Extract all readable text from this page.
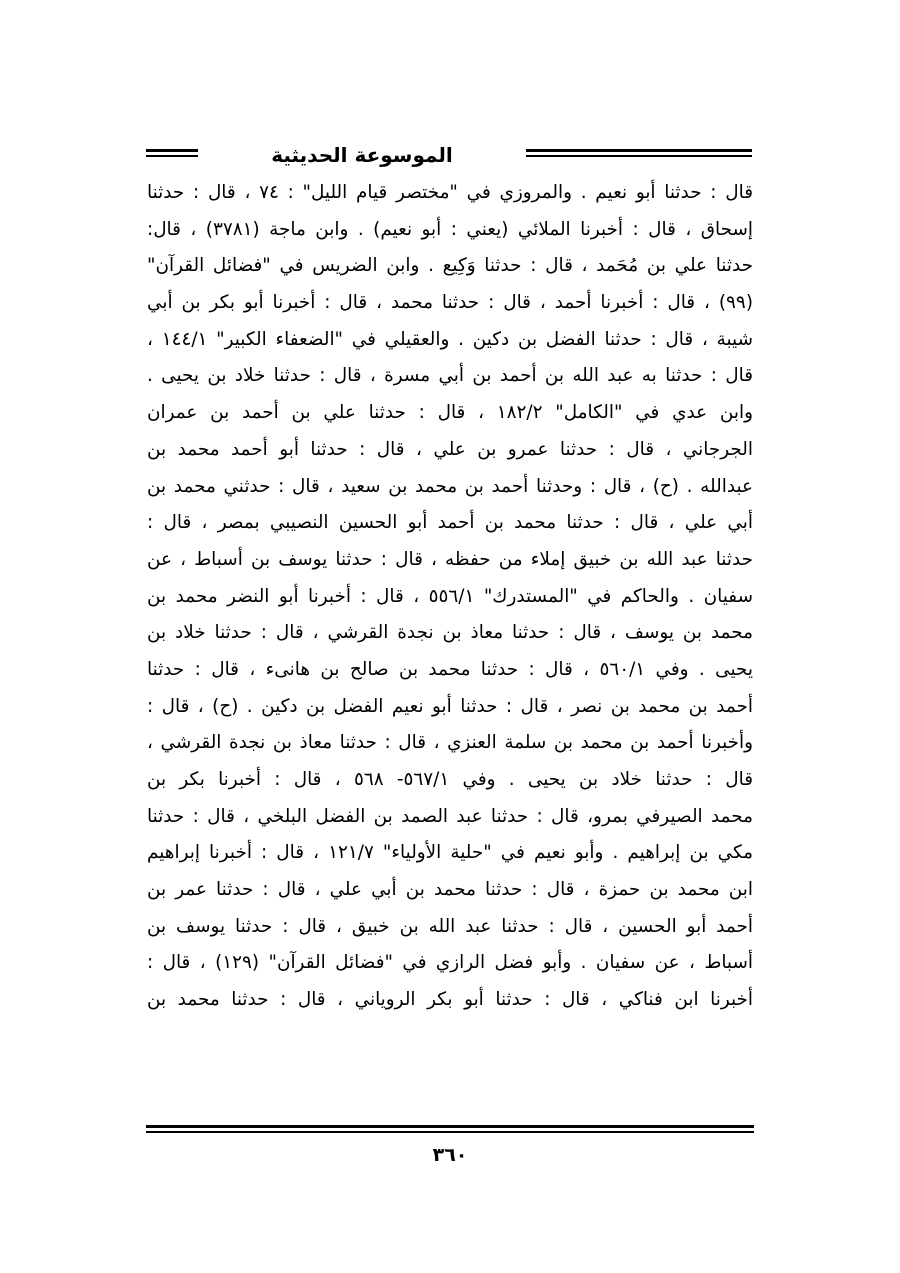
الموسوعة الحديثية
قال : حدثنا أبو نعيم . والمروزي في "مختصر قيام الليل" : ٧٤ ، قال : حدثنا
إسحاق ، قال : أخبرنا الملائي (يعني : أبو نعيم) . وابن ماجة (٣٧٨١) ، قال:
حدثنا علي بن مُحَمد ، قال : حدثنا وَكِيع . وابن الضريس في "فضائل القرآن"
(٩٩) ، قال : أخبرنا أحمد ، قال : حدثنا محمد ، قال : أخبرنا أبو بكر بن أبي
شيبة ، قال : حدثنا الفضل بن دكين . والعقيلي في "الضعفاء الكبير" ١٤٤/١ ،
قال : حدثنا به عبد الله بن أحمد بن أبي مسرة ، قال : حدثنا خلاد بن يحيى .
وابن عدي في "الكامل" ١٨٢/٢ ، قال : حدثنا علي بن أحمد بن عمران
الجرجاني ، قال : حدثنا عمرو بن علي ، قال : حدثنا أبو أحمد محمد بن
عبدالله . (ح) ، قال : وحدثنا أحمد بن محمد بن سعيد ، قال : حدثني محمد بن
أبي علي ، قال : حدثنا محمد بن أحمد أبو الحسين النصيبي بمصر ، قال :
حدثنا عبد الله بن خبيق إملاء من حفظه ، قال : حدثنا يوسف بن أسباط ، عن
سفيان . والحاكم في "المستدرك" ٥٥٦/١ ، قال : أخبرنا أبو النضر محمد بن
محمد بن يوسف ، قال : حدثنا معاذ بن نجدة القرشي ، قال : حدثنا خلاد بن
يحيى . وفي ٥٦٠/١ ، قال : حدثنا محمد بن صالح بن هانىء ، قال : حدثنا
أحمد بن محمد بن نصر ، قال : حدثنا أبو نعيم الفضل بن دكين . (ح) ، قال :
وأخبرنا أحمد بن محمد بن سلمة العنزي ، قال : حدثنا معاذ بن نجدة القرشي ،
قال : حدثنا خلاد بن يحيى . وفي ٥٦٧/١- ٥٦٨ ، قال : أخبرنا بكر بن
محمد الصيرفي بمرو، قال : حدثنا عبد الصمد بن الفضل البلخي ، قال : حدثنا
مكي بن إبراهيم . وأبو نعيم في "حلية الأولياء" ١٢١/٧ ، قال : أخبرنا إبراهيم
ابن محمد بن حمزة ، قال : حدثنا محمد بن أبي علي ، قال : حدثنا عمر بن
أحمد أبو الحسين ، قال : حدثنا عبد الله بن خبيق ، قال : حدثنا يوسف بن
أسباط ، عن سفيان . وأبو فضل الرازي في "فضائل القرآن" (١٢٩) ، قال :
أخبرنا ابن فناكي ، قال : حدثنا أبو بكر الروياني ، قال : حدثنا محمد بن
٣٦٠
